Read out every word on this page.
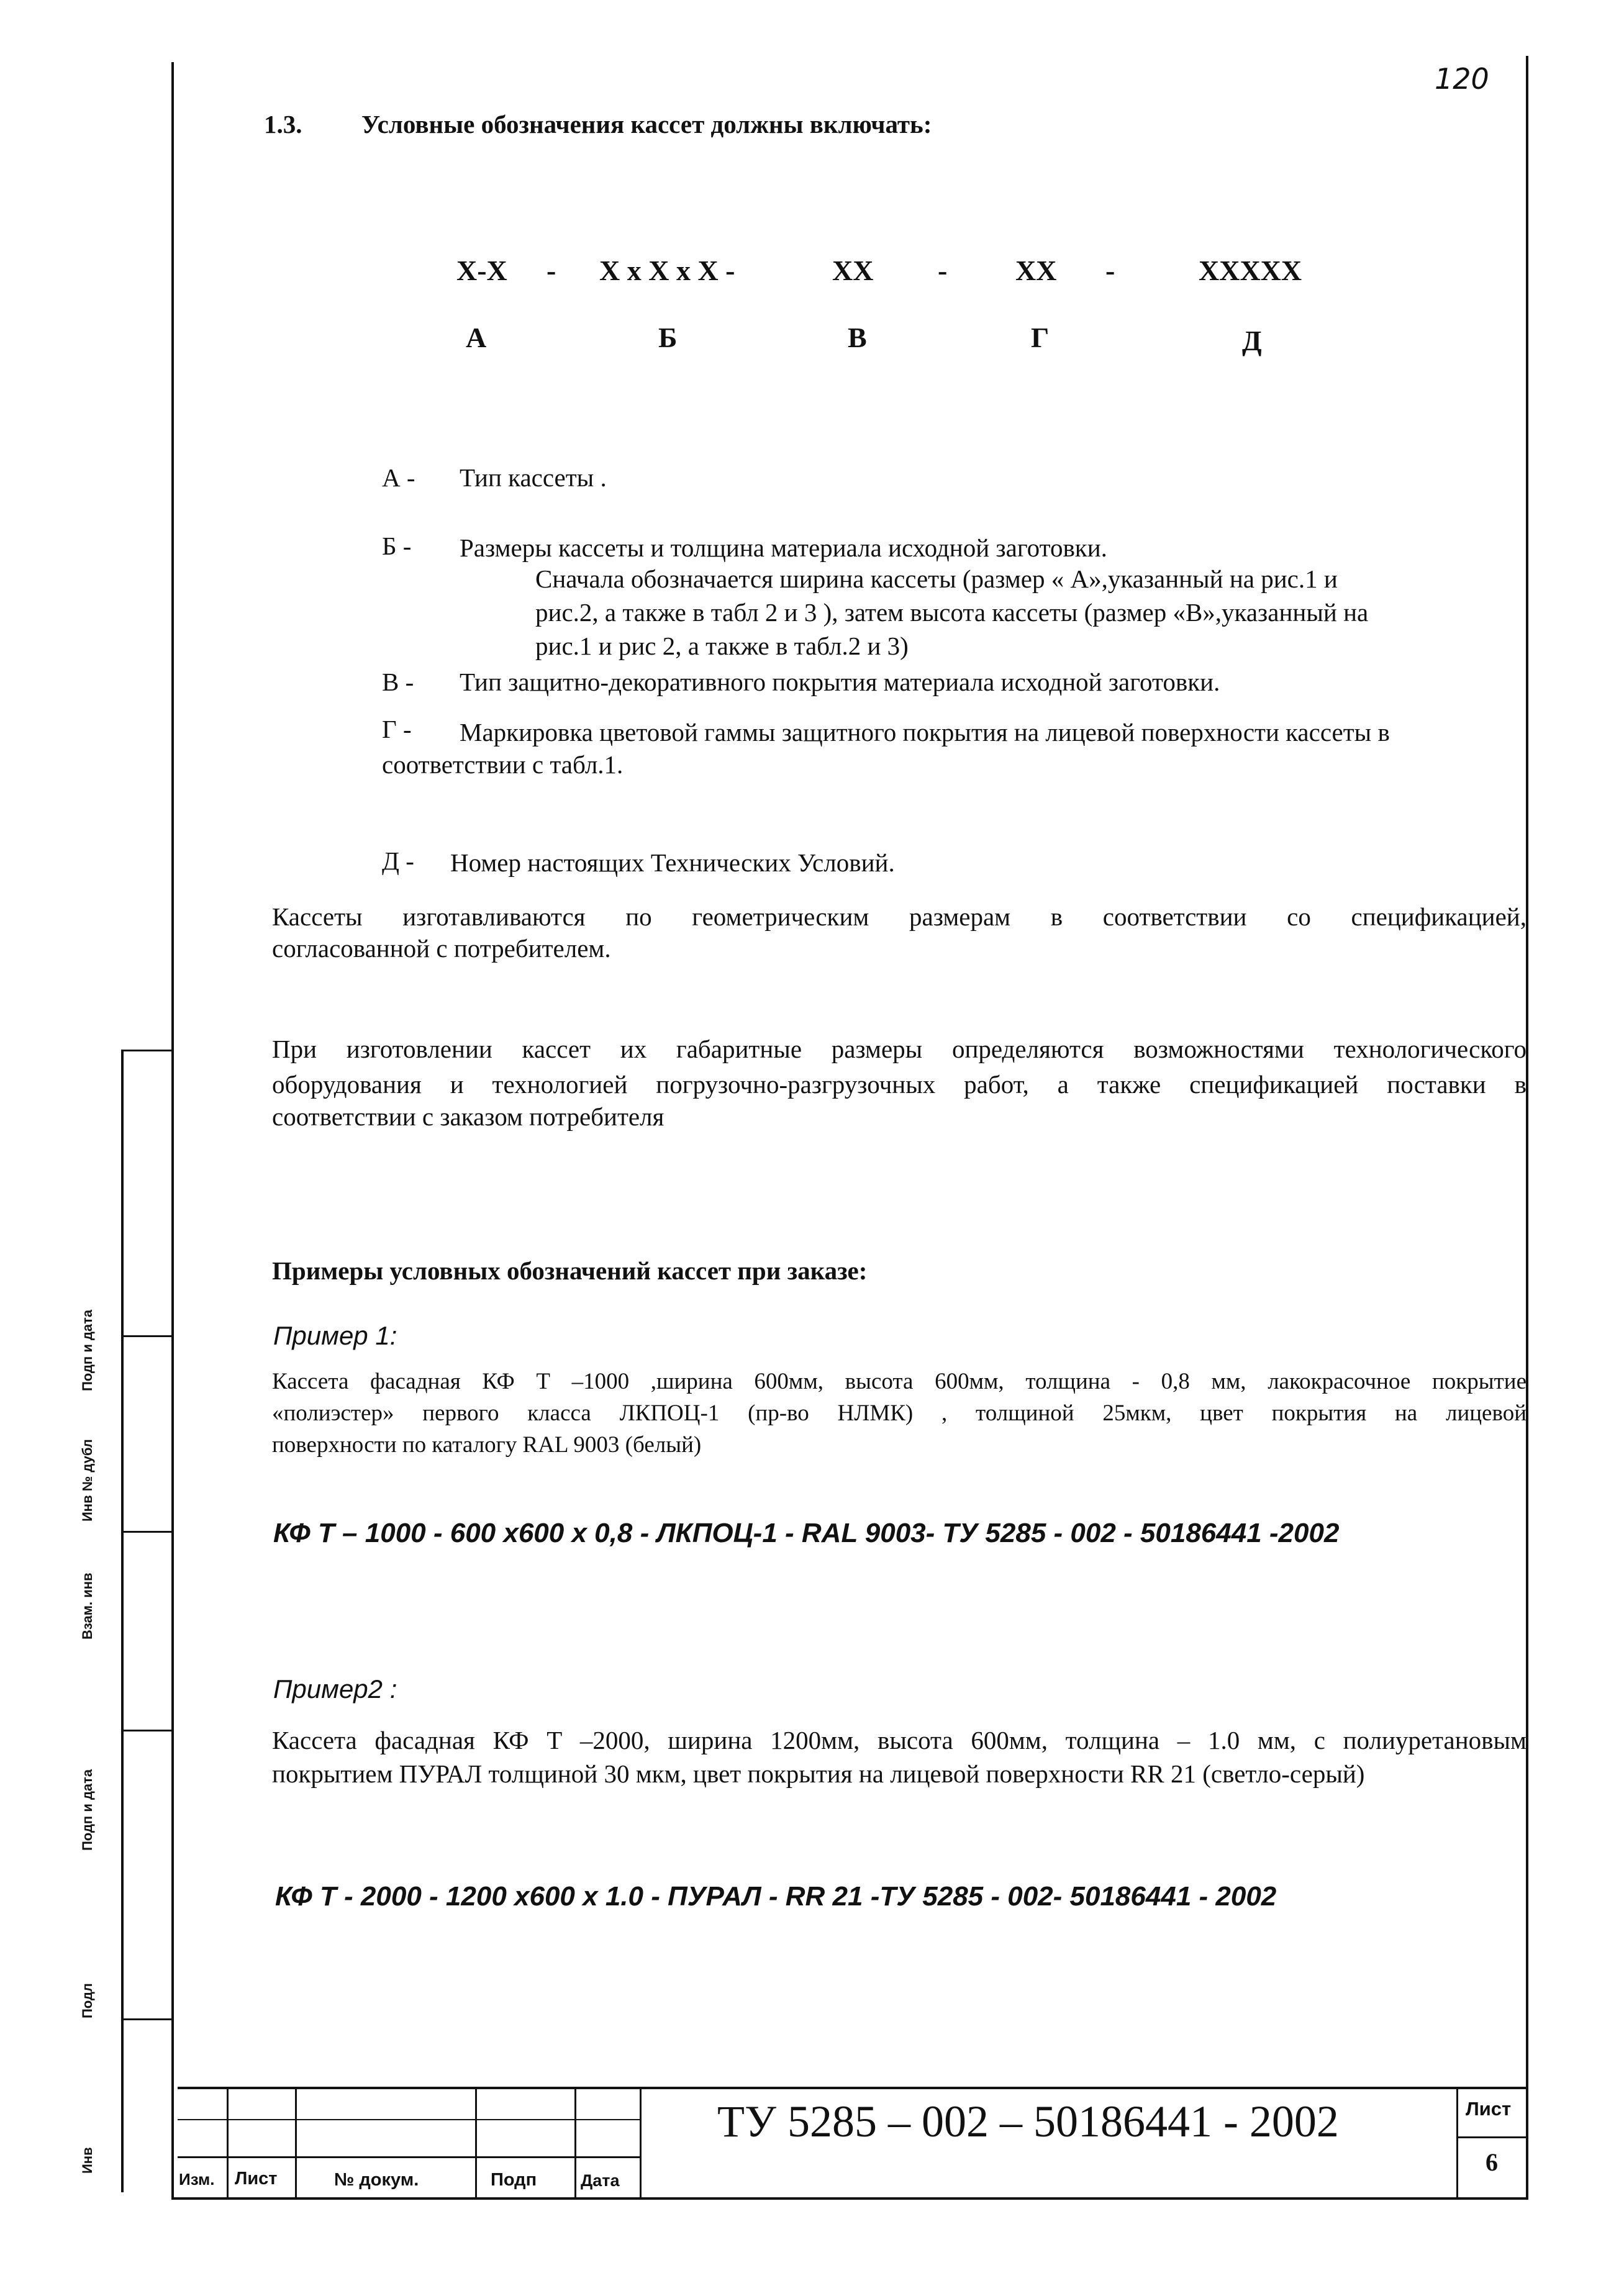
Подп и дата
Инв № дубл
Взам. инв
Подп и дата
Подл
Инв
120
1.3. Условные обозначения кассет должны включать:
Х-Х - Х х Х х Х -	ХХ - ХХ -	ХХХХХ
А	Б	В	Г	Д
А - Тип кассеты .
Б - Размеры кассеты и толщина материала исходной заготовки.
Сначала обозначается ширина кассеты (размер « А»,указанный на рис.1 и
рис.2, а также в табл 2 и 3 ), затем высота кассеты (размер «В»,указанный на
рис.1 и рис 2, а также в табл.2 и 3)
В - Тип защитно-декоративного покрытия материала исходной заготовки.
Г - Маркировка цветовой гаммы защитного покрытия на лицевой поверхности кассеты в
соответствии с табл.1.
Д - Номер настоящих Технических Условий.
Кассеты изготавливаются по геометрическим размерам в соответствии со спецификацией,
согласованной с потребителем.
При изготовлении кассет их габаритные размеры определяются возможностями технологического
оборудования и технологией погрузочно-разгрузочных работ, а также спецификацией поставки в
соответствии с заказом потребителя
Примеры условных обозначений кассет при заказе:
Пример 1:
Кассета фасадная КФ Т –1000 ,ширина 600мм, высота 600мм, толщина - 0,8 мм, лакокрасочное покрытие
«полиэстер» первого класса ЛКПОЦ-1 (пр-во НЛМК) , толщиной 25мкм, цвет покрытия на лицевой
поверхности по каталогу RAL 9003 (белый)
КФ Т – 1000 - 600 х600 х 0,8 - ЛКПОЦ-1 - RAL 9003- ТУ 5285 - 002 - 50186441 -2002
Пример2 :
Кассета фасадная КФ Т –2000, ширина 1200мм, высота 600мм, толщина – 1.0 мм, с полиуретановым
покрытием ПУРАЛ толщиной 30 мкм, цвет покрытия на лицевой поверхности RR 21 (светло-серый)
КФ Т - 2000 - 1200 х600 х 1.0 - ПУРАЛ - RR 21 -ТУ 5285 - 002- 50186441 - 2002
Изм. Лист	№ докум.	Подп	Дата
ТУ 5285 – 002 – 50186441 - 2002	Лист
6
